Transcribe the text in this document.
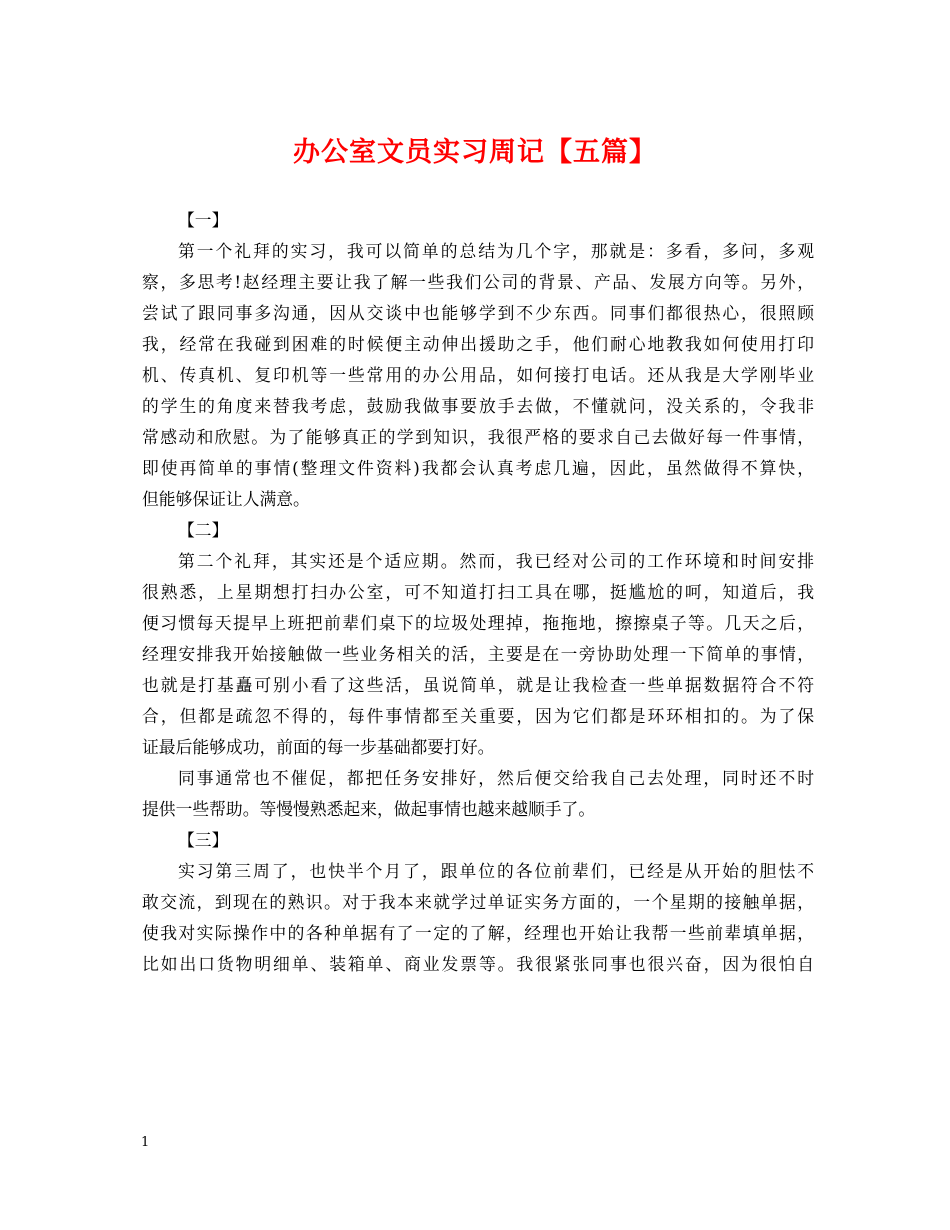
办公室文员实习周记【五篇】
【一】
第一个礼拜的实习，我可以简单的总结为几个字，那就是：多看，多问，多观
察，多思考!赵经理主要让我了解一些我们公司的背景、产品、发展方向等。另外，
尝试了跟同事多沟通，因从交谈中也能够学到不少东西。同事们都很热心，很照顾
我，经常在我碰到困难的时候便主动伸出援助之手，他们耐心地教我如何使用打印
机、传真机、复印机等一些常用的办公用品，如何接打电话。还从我是大学刚毕业
的学生的角度来替我考虑，鼓励我做事要放手去做，不懂就问，没关系的，令我非
常感动和欣慰。为了能够真正的学到知识，我很严格的要求自己去做好每一件事情，
即使再简单的事情(整理文件资料)我都会认真考虑几遍，因此，虽然做得不算快，
但能够保证让人满意。
【二】
第二个礼拜，其实还是个适应期。然而，我已经对公司的工作环境和时间安排
很熟悉，上星期想打扫办公室，可不知道打扫工具在哪，挺尴尬的呵，知道后，我
便习惯每天提早上班把前辈们桌下的垃圾处理掉，拖拖地，擦擦桌子等。几天之后，
经理安排我开始接触做一些业务相关的活，主要是在一旁协助处理一下简单的事情，
也就是打基矗可别小看了这些活，虽说简单，就是让我检查一些单据数据符合不符
合，但都是疏忽不得的，每件事情都至关重要，因为它们都是环环相扣的。为了保
证最后能够成功，前面的每一步基础都要打好。
同事通常也不催促，都把任务安排好，然后便交给我自己去处理，同时还不时
提供一些帮助。等慢慢熟悉起来，做起事情也越来越顺手了。
【三】
实习第三周了，也快半个月了，跟单位的各位前辈们，已经是从开始的胆怯不
敢交流，到现在的熟识。对于我本来就学过单证实务方面的，一个星期的接触单据，
使我对实际操作中的各种单据有了一定的了解，经理也开始让我帮一些前辈填单据，
比如出口货物明细单、装箱单、商业发票等。我很紧张同事也很兴奋，因为很怕自
1
